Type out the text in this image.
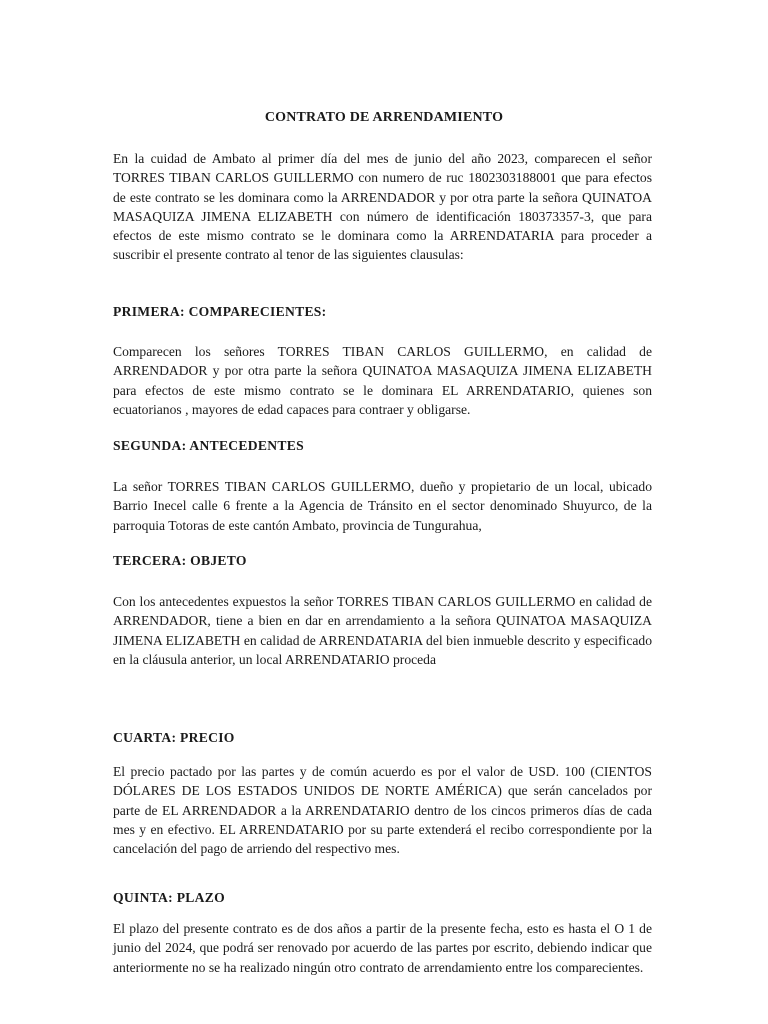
CONTRATO DE ARRENDAMIENTO

En la cuidad de Ambato al primer día del mes de junio del año 2023, comparecen el señor TORRES TIBAN CARLOS GUILLERMO con numero de ruc 1802303188001 que para efectos de este contrato se les dominara como la ARRENDADOR y por otra parte la señora QUINATOA MASAQUIZA JIMENA ELIZABETH con número de identificación 180373357-3, que para efectos de este mismo contrato se le dominara como la ARRENDATARIA para proceder a suscribir el presente contrato al tenor de las siguientes clausulas:

PRIMERA: COMPARECIENTES:

Comparecen los señores TORRES TIBAN CARLOS GUILLERMO, en calidad de ARRENDADOR y por otra parte la señora QUINATOA MASAQUIZA JIMENA ELIZABETH para efectos de este mismo contrato se le dominara EL ARRENDATARIO, quienes son ecuatorianos , mayores de edad capaces para contraer y obligarse.

SEGUNDA: ANTECEDENTES

La señor TORRES TIBAN CARLOS GUILLERMO, dueño y propietario de un local, ubicado Barrio Inecel calle 6 frente a la Agencia de Tránsito en el sector denominado Shuyurco, de la parroquia Totoras de este cantón Ambato, provincia de Tungurahua,

TERCERA: OBJETO

Con los antecedentes expuestos la señor TORRES TIBAN CARLOS GUILLERMO en calidad de ARRENDADOR, tiene a bien en dar en arrendamiento a la señora QUINATOA MASAQUIZA JIMENA ELIZABETH en calidad de ARRENDATARIA del bien inmueble descrito y especificado en la cláusula anterior, un local ARRENDATARIO proceda

CUARTA: PRECIO

El precio pactado por las partes y de común acuerdo es por el valor de USD. 100 (CIENTOS DÓLARES DE LOS ESTADOS UNIDOS DE NORTE AMÉRICA) que serán cancelados por parte de EL ARRENDADOR a la ARRENDATARIO dentro de los cincos primeros días de cada mes y en efectivo. EL ARRENDATARIO por su parte extenderá el recibo correspondiente por la cancelación del pago de arriendo del respectivo mes.

QUINTA: PLAZO

El plazo del presente contrato es de dos años a partir de la presente fecha, esto es hasta el O 1 de junio del 2024, que podrá ser renovado por acuerdo de las partes por escrito, debiendo indicar que anteriormente no se ha realizado ningún otro contrato de arrendamiento entre los comparecientes.
